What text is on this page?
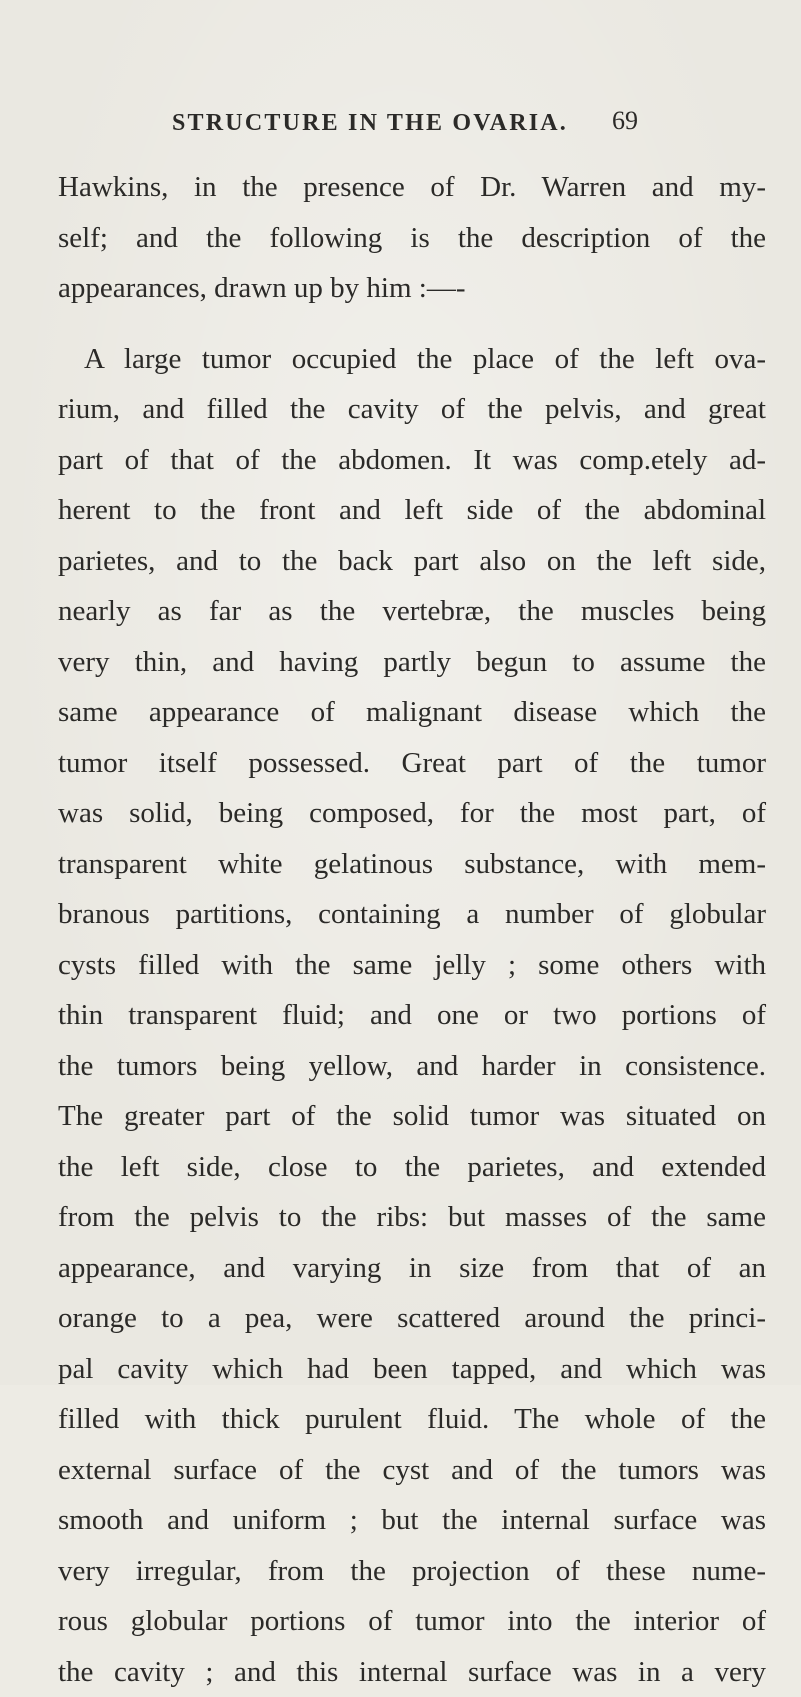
STRUCTURE IN THE OVARIA. 69
Hawkins, in the presence of Dr. Warren and my-
self; and the following is the description of the
appearances, drawn up by him :—-
A large tumor occupied the place of the left ova-
rium, and filled the cavity of the pelvis, and great
part of that of the abdomen. It was comp.etely ad-
herent to the front and left side of the abdominal
parietes, and to the back part also on the left side,
nearly as far as the vertebræ, the muscles being
very thin, and having partly begun to assume the
same appearance of malignant disease which the
tumor itself possessed. Great part of the tumor
was solid, being composed, for the most part, of
transparent white gelatinous substance, with mem-
branous partitions, containing a number of globular
cysts filled with the same jelly ; some others with
thin transparent fluid; and one or two portions of
the tumors being yellow, and harder in consistence.
The greater part of the solid tumor was situated on
the left side, close to the parietes, and extended
from the pelvis to the ribs: but masses of the same
appearance, and varying in size from that of an
orange to a pea, were scattered around the princi-
pal cavity which had been tapped, and which was
filled with thick purulent fluid. The whole of the
external surface of the cyst and of the tumors was
smooth and uniform ; but the internal surface was
very irregular, from the projection of these nume-
rous globular portions of tumor into the interior of
the cavity ; and this internal surface was in a very
